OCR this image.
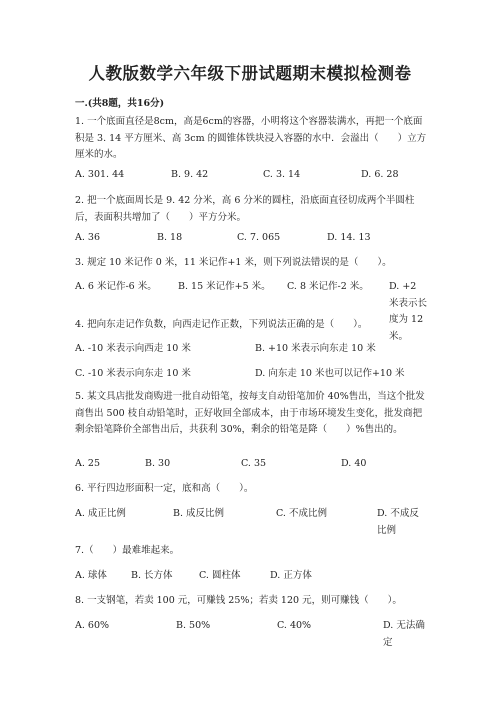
人教版数学六年级下册试题期末模拟检测卷
一.(共8题，共16分)

1. 一个底面直径是8cm，高是6cm的容器，小明将这个容器装满水，再把一个底面积是 3. 14 平方厘米、高 3cm 的圆锥体铁块浸入容器的水中．会溢出（　　）立方厘米的水。

A. 301. 44	B. 9. 42	C. 3. 14	D. 6. 28

2. 把一个底面周长是 9. 42 分米，高 6 分米的圆柱，沿底面直径切成两个半圆柱后，表面积共增加了（　　）平方分米。

A. 36	B. 18	C. 7. 065	D. 14. 13

3. 规定 10 米记作 0 米，11 米记作+1 米，则下列说法错误的是（　　）。

A. 6 米记作-6 米。 B. 15 米记作+5 米。 C. 8 米记作-2 米。 D. +2 米表示长度为 12 米。

4. 把向东走记作负数，向西走记作正数，下列说法正确的是（　　）。

A. -10 米表示向西走 10 米	B. +10 米表示向东走 10 米
C. -10 米表示向东走 10 米	D. 向东走 10 米也可以记作+10 米

5. 某文具店批发商购进一批自动铅笔，按每支自动铅笔加价 40%售出，当这个批发商售出 500 枝自动铅笔时，正好收回全部成本，由于市场环境发生变化，批发商把剩余铅笔降价全部售出后，共获利 30%，剩余的铅笔是降（　　）%售出的。

A. 25	B. 30	C. 35	D. 40

6. 平行四边形面积一定，底和高（　　）。

A. 成正比例	B. 成反比例	C. 不成比例	D. 不成反比例

7.（　　）最难堆起来。

A. 球体	B. 长方体	C. 圆柱体	D. 正方体

8. 一支钢笔，若卖 100 元，可赚钱 25%；若卖 120 元，则可赚钱（　　）。

A. 60%	B. 50%	C. 40%	D. 无法确定
